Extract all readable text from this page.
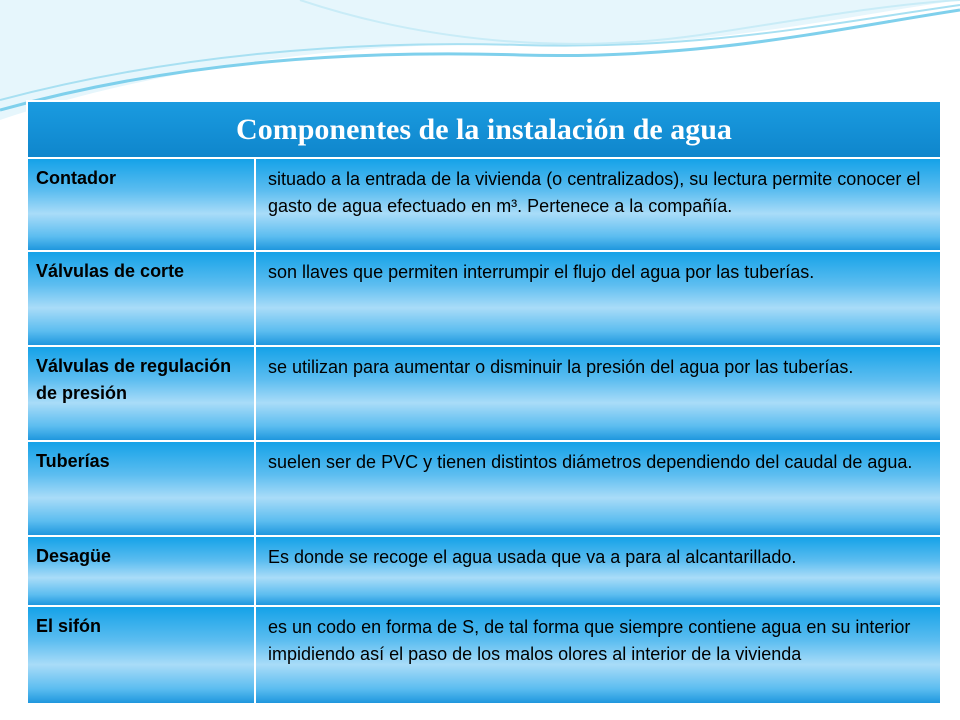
Componentes de la instalación de agua	
Contador	situado a la entrada de la vivienda (o centralizados), su lectura permite conocer el gasto de agua efectuado en m³. Pertenece a la compañía.
Válvulas de corte	son llaves que permiten interrumpir el flujo del agua por las tuberías.
Válvulas de regulación de presión	se utilizan para aumentar o disminuir la presión del agua por las tuberías.
Tuberías	suelen ser de PVC y tienen distintos diámetros dependiendo del caudal de agua.
Desagüe	Es donde se recoge el agua usada que va a para al alcantarillado.
El sifón	es un codo en forma de S, de tal forma que siempre contiene agua en su interior impidiendo así el paso de los malos olores al interior de la vivienda
